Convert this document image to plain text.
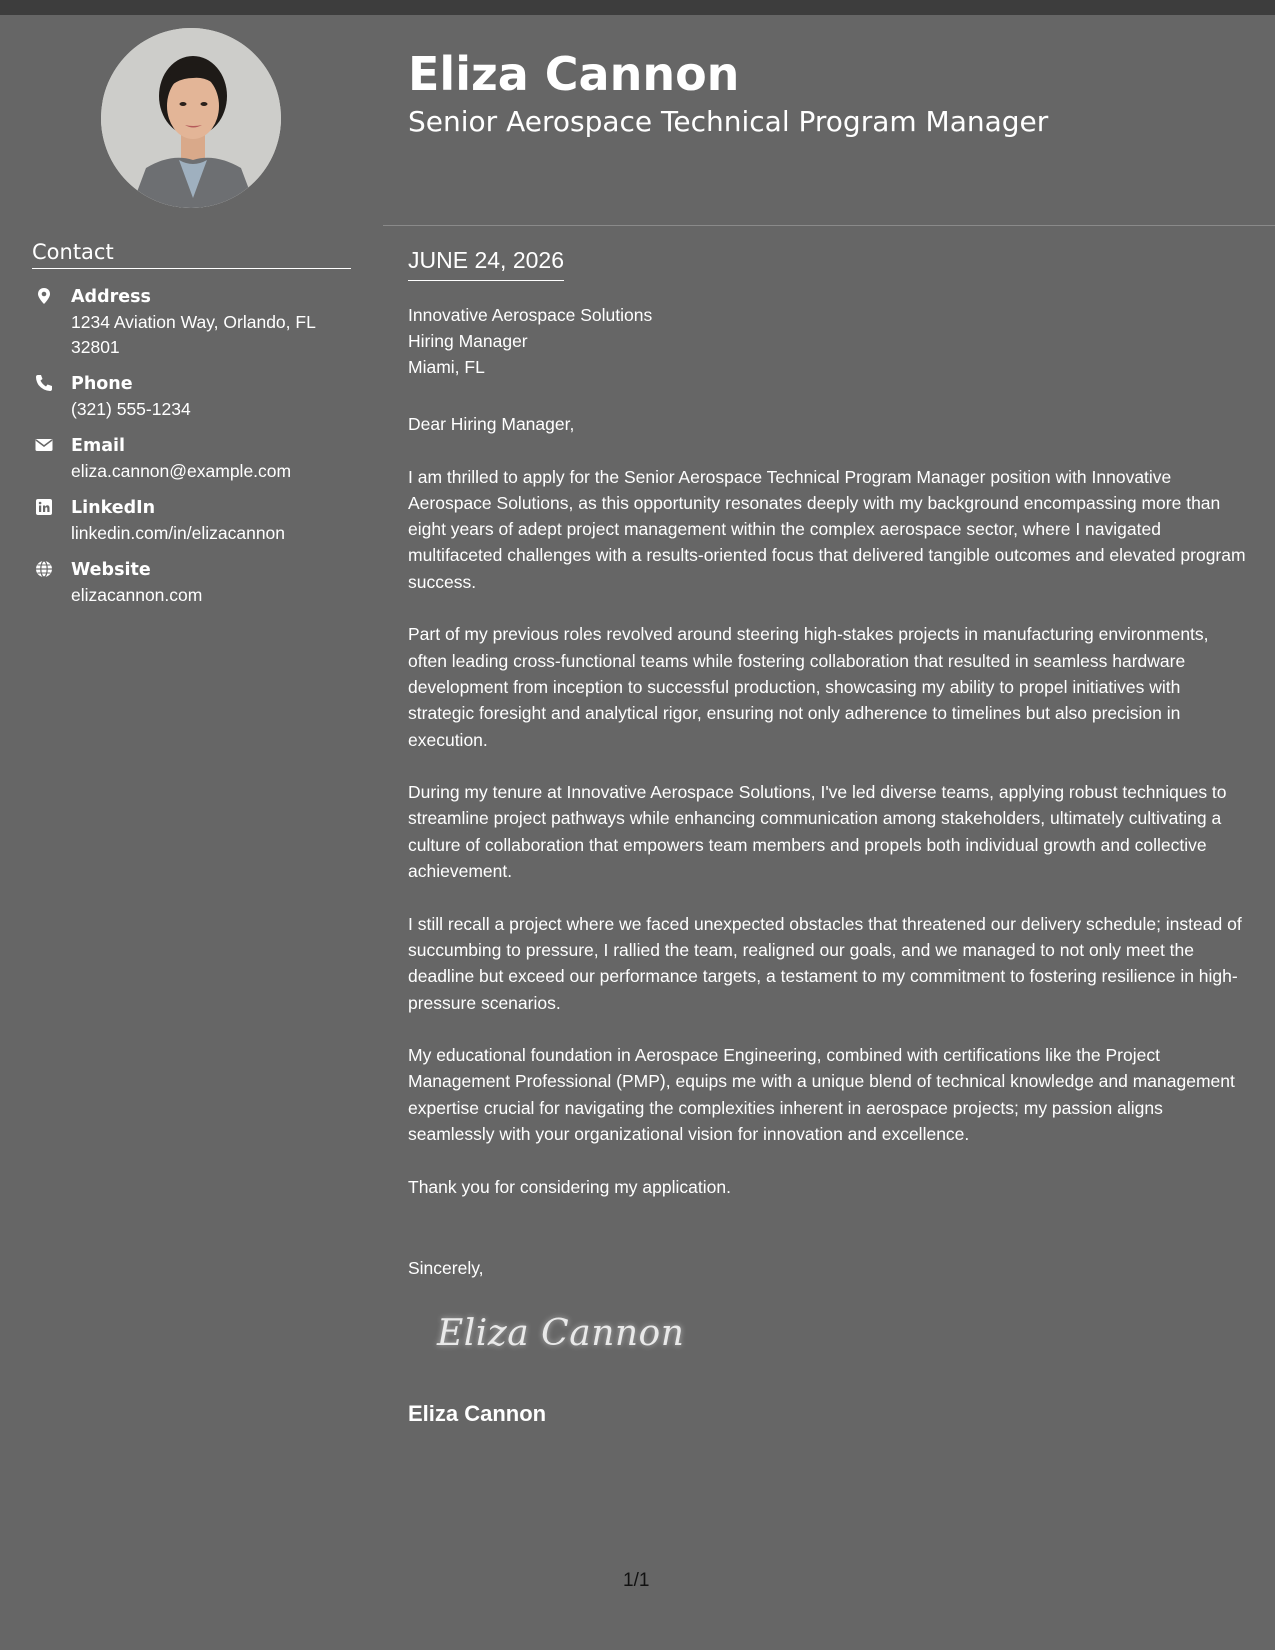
Contact
Address
1234 Aviation Way, Orlando, FL 32801
Phone
(321) 555-1234
Email
eliza.cannon@example.com
LinkedIn
linkedin.com/in/elizacannon
Website
elizacannon.com
Eliza Cannon
Senior Aerospace Technical Program Manager
JUNE 24, 2026
Innovative Aerospace Solutions
Hiring Manager
Miami, FL

Dear Hiring Manager,

I am thrilled to apply for the Senior Aerospace Technical Program Manager position with Innovative Aerospace Solutions, as this opportunity resonates deeply with my background encompassing more than eight years of adept project management within the complex aerospace sector, where I navigated multifaceted challenges with a results-oriented focus that delivered tangible outcomes and elevated program success.

Part of my previous roles revolved around steering high-stakes projects in manufacturing environments, often leading cross-functional teams while fostering collaboration that resulted in seamless hardware development from inception to successful production, showcasing my ability to propel initiatives with strategic foresight and analytical rigor, ensuring not only adherence to timelines but also precision in execution.

During my tenure at Innovative Aerospace Solutions, I've led diverse teams, applying robust techniques to streamline project pathways while enhancing communication among stakeholders, ultimately cultivating a culture of collaboration that empowers team members and propels both individual growth and collective achievement.

I still recall a project where we faced unexpected obstacles that threatened our delivery schedule; instead of succumbing to pressure, I rallied the team, realigned our goals, and we managed to not only meet the deadline but exceed our performance targets, a testament to my commitment to fostering resilience in high-pressure scenarios.

My educational foundation in Aerospace Engineering, combined with certifications like the Project Management Professional (PMP), equips me with a unique blend of technical knowledge and management expertise crucial for navigating the complexities inherent in aerospace projects; my passion aligns seamlessly with your organizational vision for innovation and excellence.

Thank you for considering my application.

Sincerely,
Eliza Cannon
Eliza Cannon
1/1
